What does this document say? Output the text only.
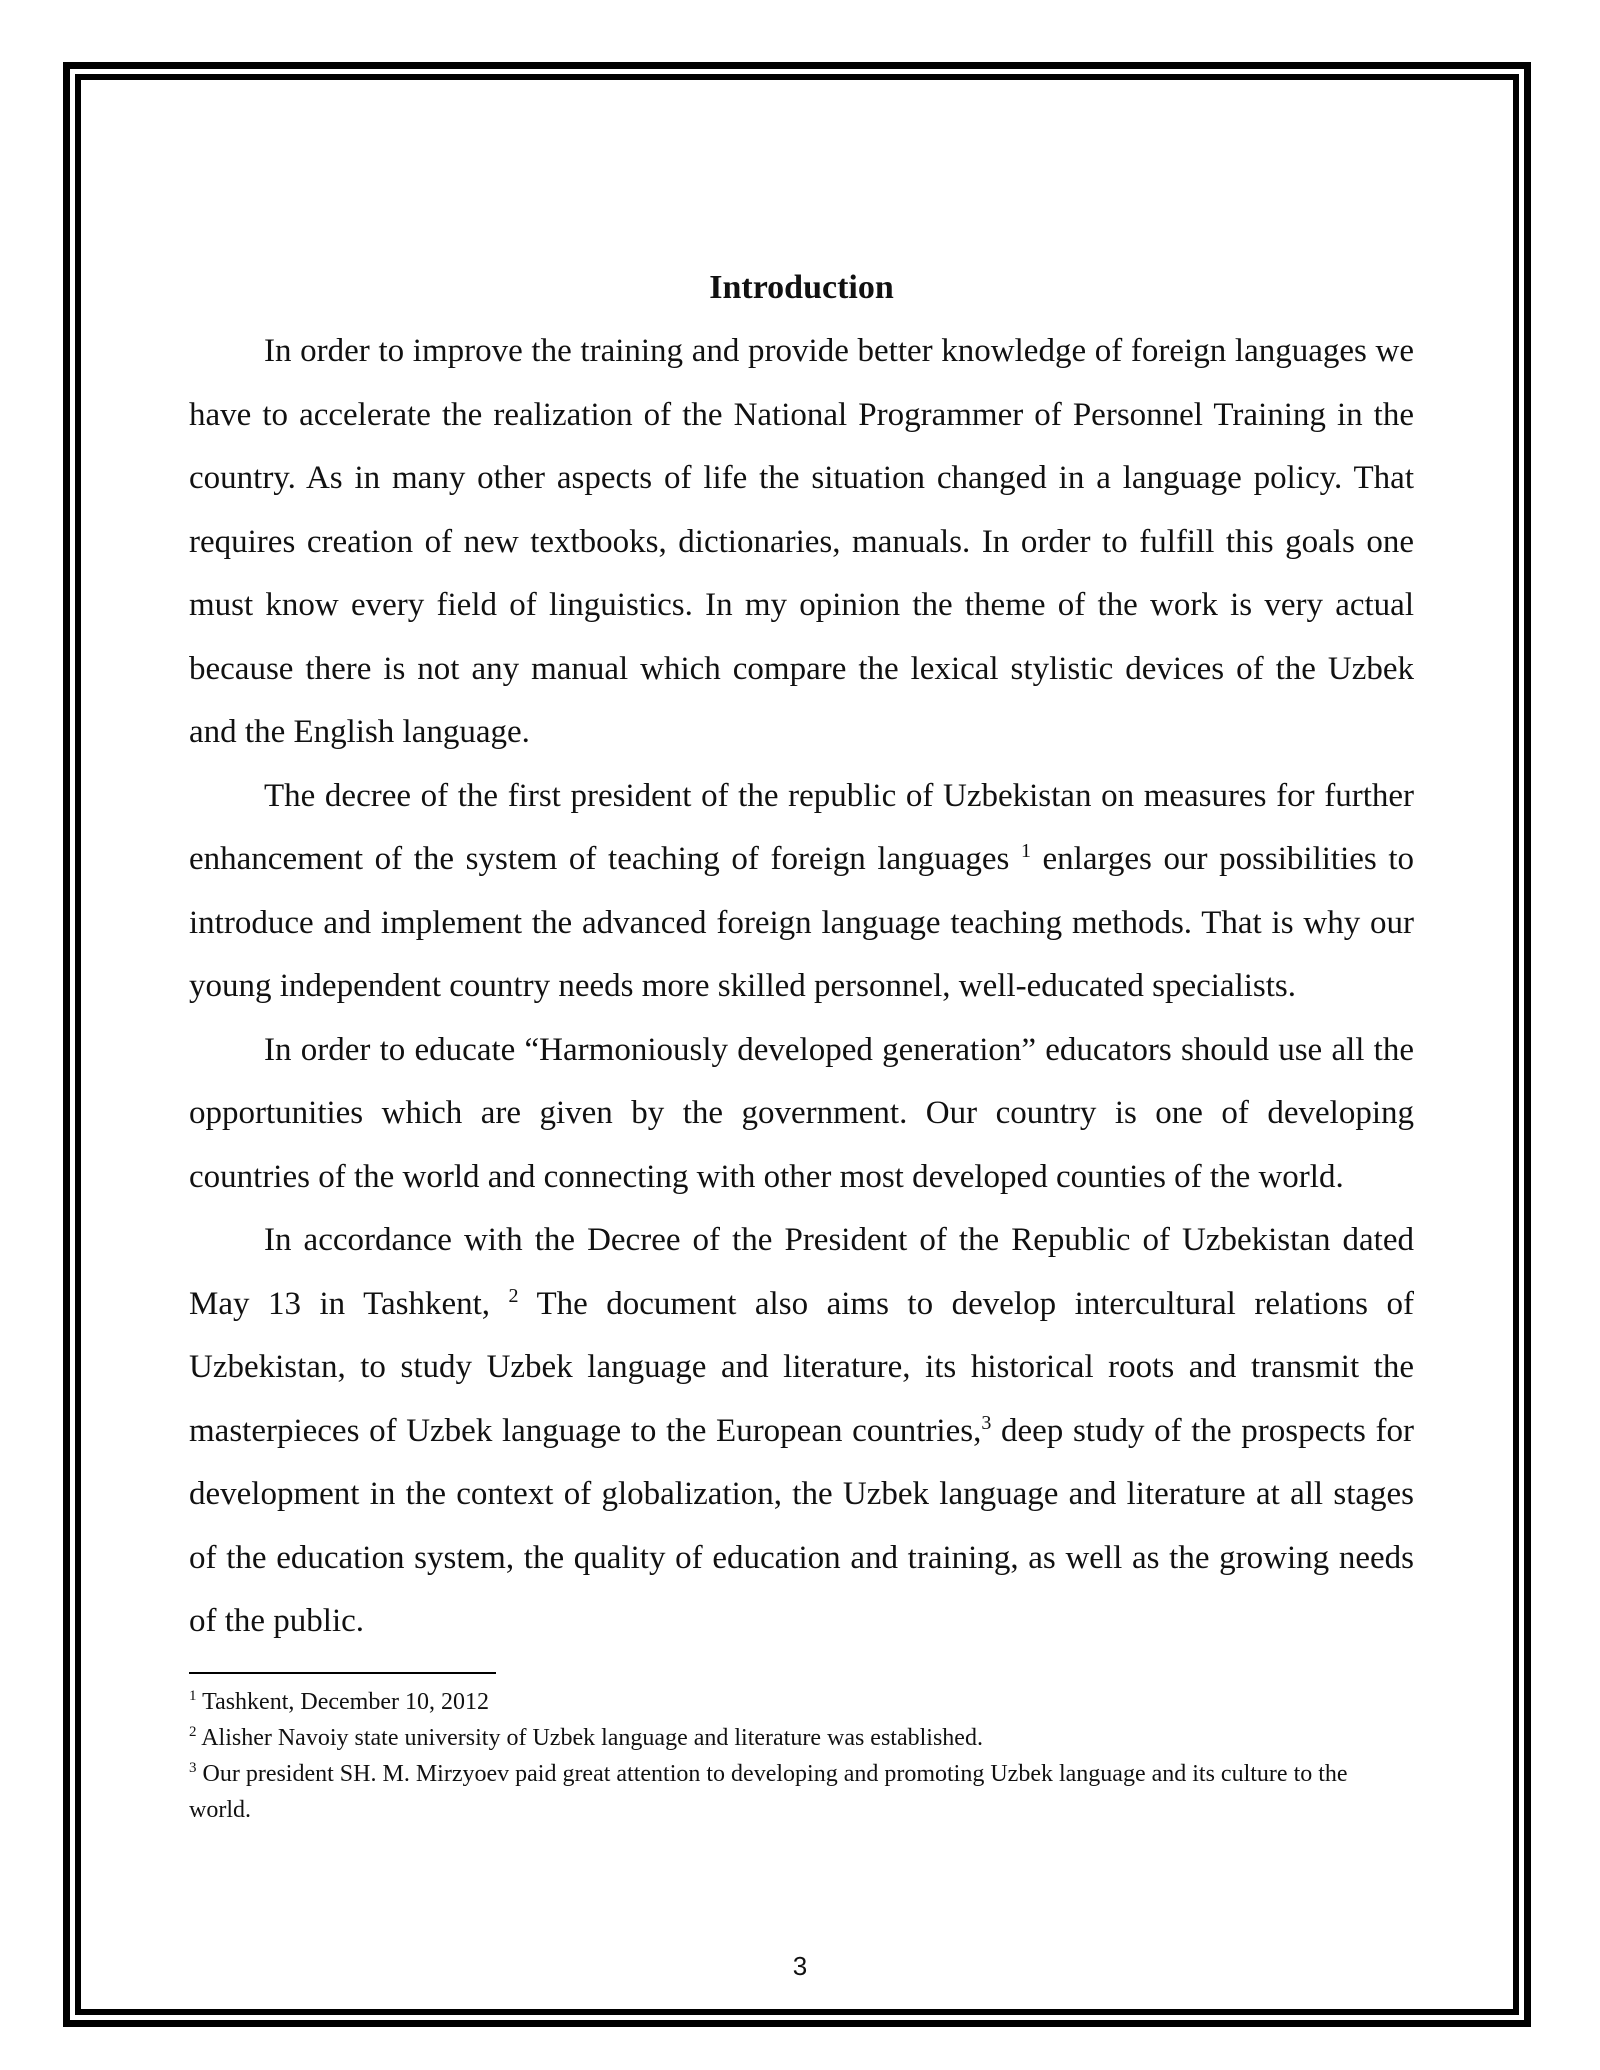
Introduction

In order to improve the training and provide better knowledge of foreign languages we have to accelerate the realization of the National Programmer of Personnel Training in the country. As in many other aspects of life the situation changed in a language policy. That requires creation of new textbooks, dictionaries, manuals. In order to fulfill this goals one must know every field of linguistics. In my opinion the theme of the work is very actual because there is not any manual which compare the lexical stylistic devices of the Uzbek and the English language.

The decree of the first president of the republic of Uzbekistan on measures for further enhancement of the system of teaching of foreign languages $^1$ enlarges our possibilities to introduce and implement the advanced foreign language teaching methods. That is why our young independent country needs more skilled personnel, well-educated specialists.

In order to educate “Harmoniously developed generation” educators should use all the opportunities which are given by the government. Our country is one of developing countries of the world and connecting with other most developed counties of the world.

In accordance with the Decree of the President of the Republic of Uzbekistan dated May 13 in Tashkent, $^2$ The document also aims to develop intercultural relations of Uzbekistan, to study Uzbek language and literature, its historical roots and transmit the masterpieces of Uzbek language to the European countries,$^3$ deep study of the prospects for development in the context of globalization, the Uzbek language and literature at all stages of the education system, the quality of education and training, as well as the growing needs of the public.

$^1$ Tashkent, December 10, 2012

$^2$ Alisher Navoiy state university of Uzbek language and literature was established.

$^3$ Our president SH. M. Mirzyoev paid great attention to developing and promoting Uzbek language and its culture to the world.

3
